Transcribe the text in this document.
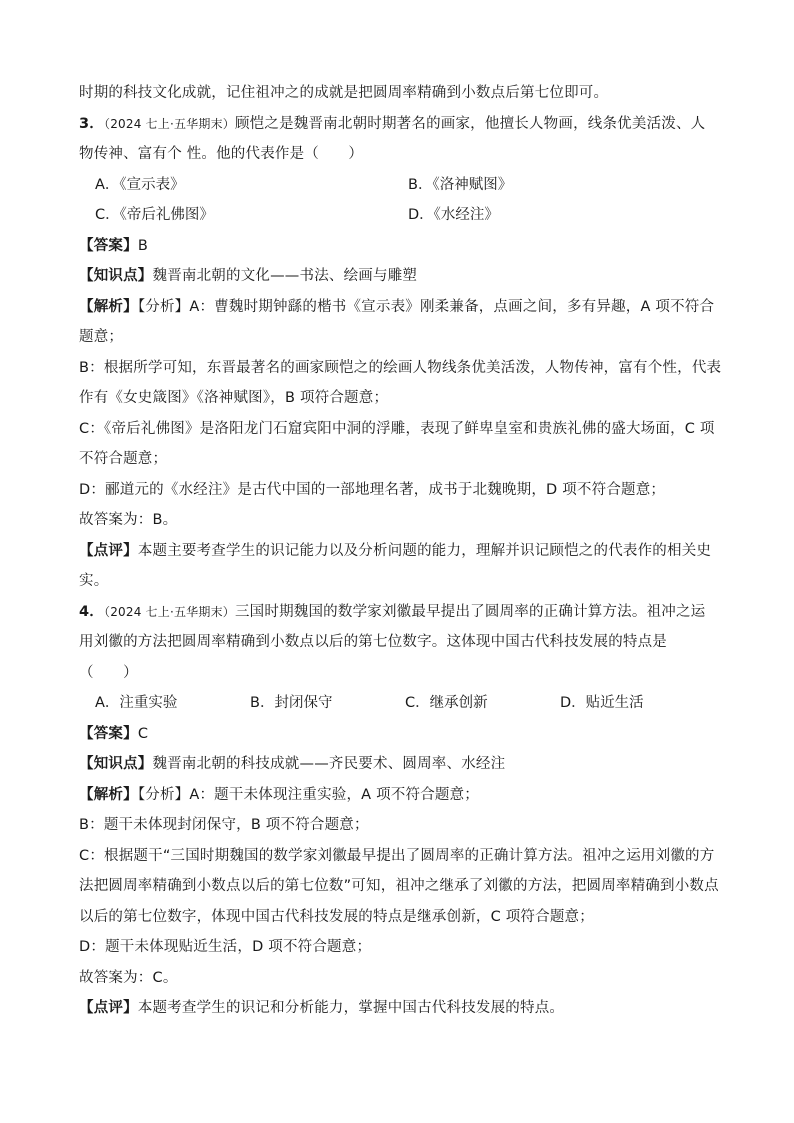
时期的科技文化成就，记住祖冲之的成就是把圆周率精确到小数点后第七位即可。
3．（2024 七上·五华期末）顾恺之是魏晋南北朝时期著名的画家，他擅长人物画，线条优美活泼、人
物传神、富有个 性。他的代表作是（　　）
A．《宣示表》	B．《洛神赋图》
C．《帝后礼佛图》	D．《水经注》
【答案】B
【知识点】魏晋南北朝的文化——书法、绘画与雕塑
【解析】【分析】A：曹魏时期钟繇的楷书《宣示表》刚柔兼备，点画之间，多有异趣，A 项不符合
题意；
B：根据所学可知，东晋最著名的画家顾恺之的绘画人物线条优美活泼，人物传神，富有个性，代表
作有《女史箴图》《洛神赋图》，B 项符合题意；
C：《帝后礼佛图》是洛阳龙门石窟宾阳中洞的浮雕，表现了鲜卑皇室和贵族礼佛的盛大场面，C 项
不符合题意；
D：郦道元的《水经注》是古代中国的一部地理名著，成书于北魏晚期，D 项不符合题意；
故答案为：B。
【点评】本题主要考查学生的识记能力以及分析问题的能力，理解并识记顾恺之的代表作的相关史
实。
4．（2024 七上·五华期末）三国时期魏国的数学家刘徽最早提出了圆周率的正确计算方法。祖冲之运
用刘徽的方法把圆周率精确到小数点以后的第七位数字。这体现中国古代科技发展的特点是
（　　）
A．注重实验	B．封闭保守	C．继承创新	D．贴近生活
【答案】C
【知识点】魏晋南北朝的科技成就——齐民要术、圆周率、水经注
【解析】【分析】A：题干未体现注重实验，A 项不符合题意；
B：题干未体现封闭保守，B 项不符合题意；
C：根据题干“三国时期魏国的数学家刘徽最早提出了圆周率的正确计算方法。祖冲之运用刘徽的方
法把圆周率精确到小数点以后的第七位数”可知，祖冲之继承了刘徽的方法，把圆周率精确到小数点
以后的第七位数字，体现中国古代科技发展的特点是继承创新，C 项符合题意；
D：题干未体现贴近生活，D 项不符合题意；
故答案为：C。
【点评】本题考查学生的识记和分析能力，掌握中国古代科技发展的特点。
